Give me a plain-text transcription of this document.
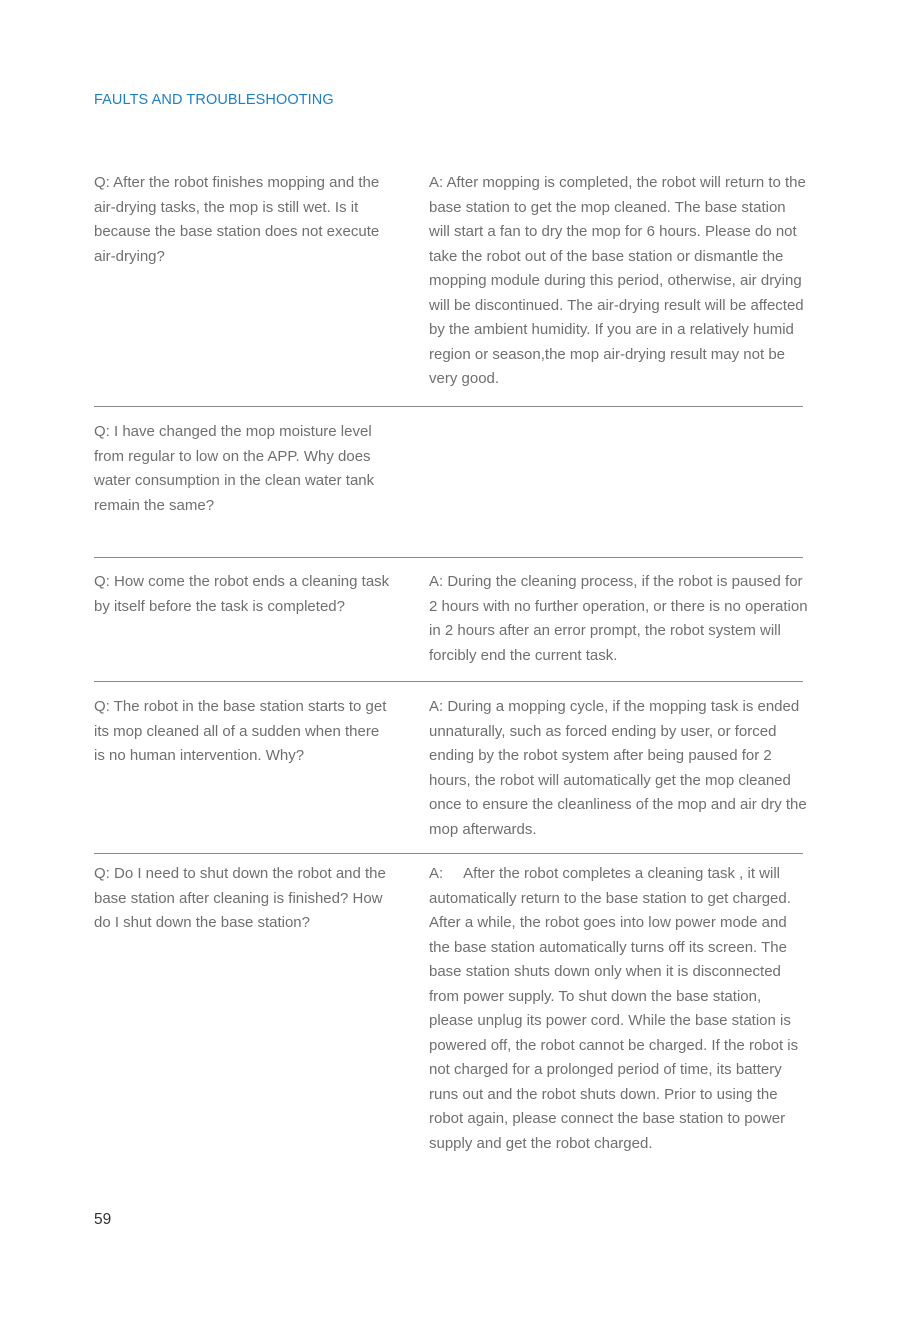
FAULTS AND TROUBLESHOOTING
Q: After the robot finishes mopping and the air-drying tasks, the mop is still wet. Is it because the base station does not execute air-drying?
A: After mopping is completed, the robot will return to the base station to get the mop cleaned. The base station will start a fan to dry the mop for 6 hours. Please do not take the robot out of the base station or dismantle the mopping module during this period, otherwise, air drying will be discontinued. The air-drying result will be affected by the ambient humidity. If you are in a relatively humid region or season,the mop air-drying result may not be very good.
Q: I have changed the mop moisture level from regular to low on the APP. Why does water consumption in the clean water tank remain the same?
Q: How come the robot ends a cleaning task by itself before the task is completed?
A: During the cleaning process, if the robot is paused for 2 hours with no further operation, or there is no operation in 2 hours after an error prompt, the robot system will forcibly end the current task.
Q: The robot in the base station starts to get its mop cleaned all of a sudden when there is no human intervention. Why?
A: During a mopping cycle, if the mopping task is ended unnaturally, such as forced ending by user, or forced ending by the robot system after being paused for 2 hours, the robot will automatically get the mop cleaned once to ensure the cleanliness of the mop and air dry the mop afterwards.
Q: Do I need to shut down the robot and the base station after cleaning is finished? How do I shut down the base station?
A:     After the robot completes a cleaning task , it will automatically return to the base station to get charged. After a while, the robot goes into low power mode and the base station automatically turns off its screen. The base station shuts down only when it is disconnected from power supply. To shut down the base station, please unplug its power cord. While the base station is powered off, the robot cannot be charged. If the robot is not charged for a prolonged period of time, its battery runs out and the robot shuts down. Prior to using the robot again, please connect the base station to power supply and get the robot charged.
59
